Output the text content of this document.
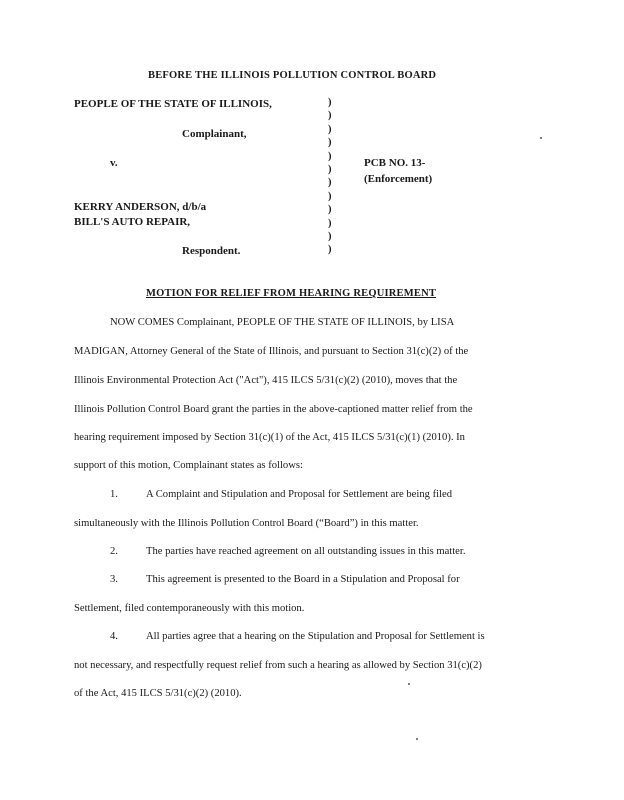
BEFORE THE ILLINOIS POLLUTION CONTROL BOARD
PEOPLE OF THE STATE OF ILLINOIS,
Complainant,
v.	PCB NO. 13-
(Enforcement)
KERRY ANDERSON, d/b/a
BILL'S AUTO REPAIR,
Respondent.
)
)
)
)
)
)
)
)
)
)
)
)
MOTION FOR RELIEF FROM HEARING REQUIREMENT
NOW COMES Complainant, PEOPLE OF THE STATE OF ILLINOIS, by LISA
MADIGAN, Attorney General of the State of Illinois, and pursuant to Section 31(c)(2) of the
Illinois Environmental Protection Act ("Act"), 415 ILCS 5/31(c)(2) (2010), moves that the
Illinois Pollution Control Board grant the parties in the above-captioned matter relief from the
hearing requirement imposed by Section 31(c)(1) of the Act, 415 ILCS 5/31(c)(1) (2010). In
support of this motion, Complainant states as follows:
1.	A Complaint and Stipulation and Proposal for Settlement are being filed
simultaneously with the Illinois Pollution Control Board (“Board”) in this matter.
2.	The parties have reached agreement on all outstanding issues in this matter.
3.	This agreement is presented to the Board in a Stipulation and Proposal for
Settlement, filed contemporaneously with this motion.
4.	All parties agree that a hearing on the Stipulation and Proposal for Settlement is
not necessary, and respectfully request relief from such a hearing as allowed by Section 31(c)(2)
of the Act, 415 ILCS 5/31(c)(2) (2010).
